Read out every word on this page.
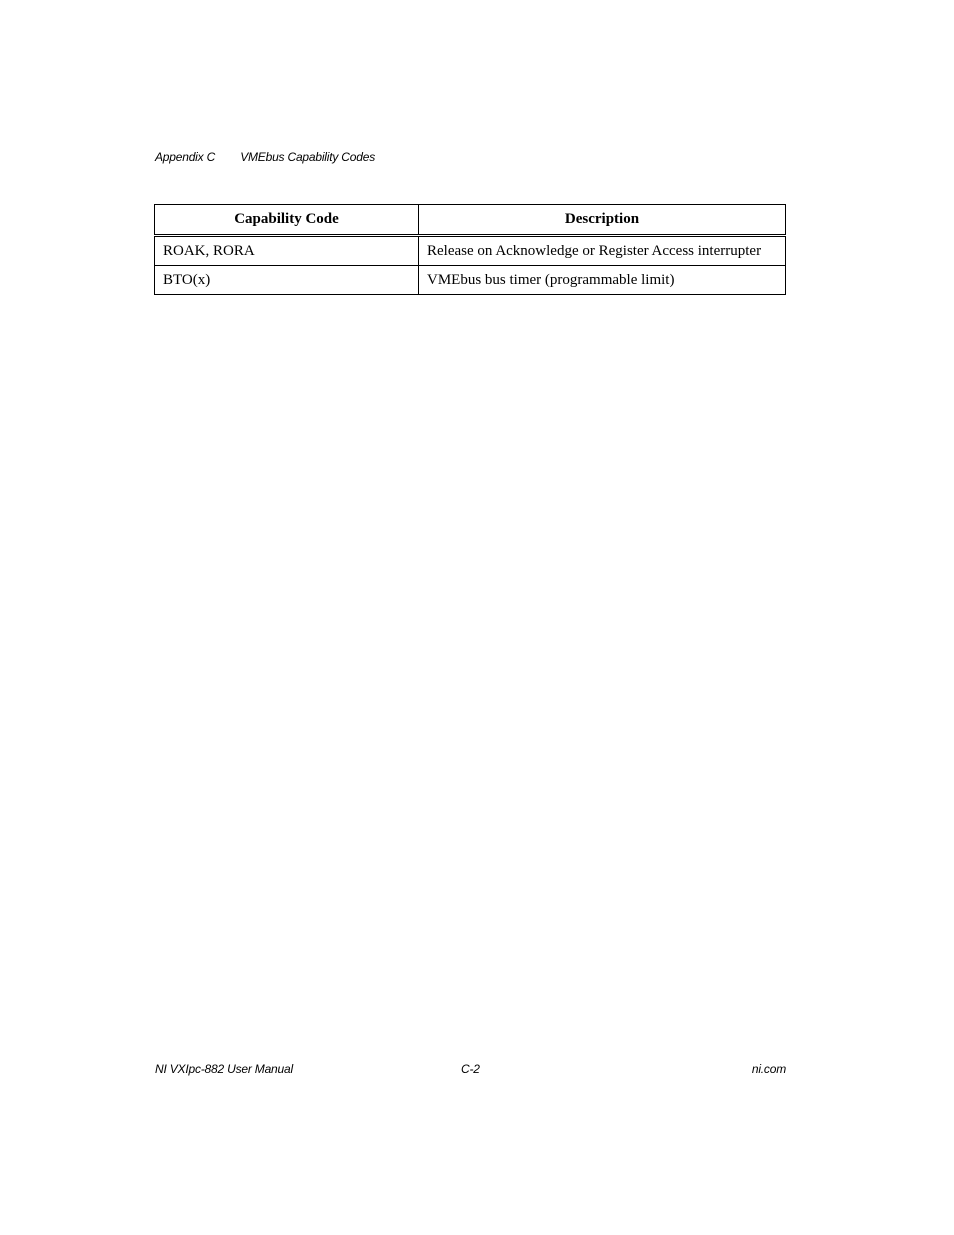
Appendix C VMEbus Capability Codes
Capability Code	Description
ROAK, RORA	Release on Acknowledge or Register Access interrupter
BTO(x)	VMEbus bus timer (programmable limit)
NI VXIpc-882 User Manual	C-2	ni.com
